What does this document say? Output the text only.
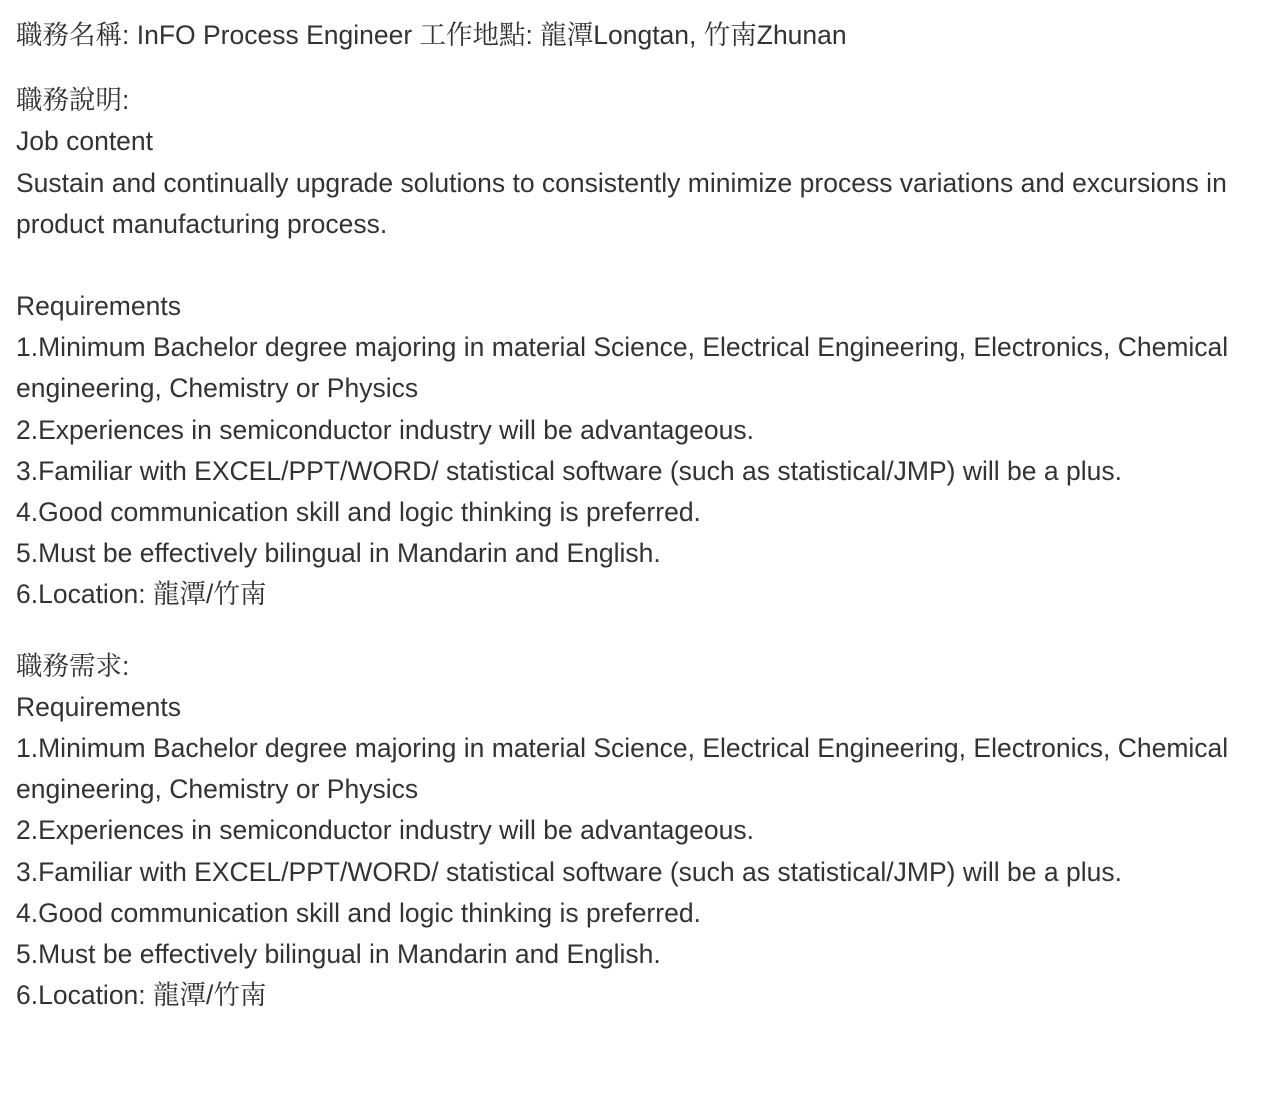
職務名稱: InFO Process Engineer 工作地點: 龍潭Longtan, 竹南Zhunan

職務說明:

Job content

Sustain and continually upgrade solutions to consistently minimize process variations and excursions in product manufacturing process.

Requirements

1.Minimum Bachelor degree majoring in material Science, Electrical Engineering, Electronics, Chemical engineering, Chemistry or Physics

2.Experiences in semiconductor industry will be advantageous.

3.Familiar with EXCEL/PPT/WORD/ statistical software (such as statistical/JMP) will be a plus.

4.Good communication skill and logic thinking is preferred.

5.Must be effectively bilingual in Mandarin and English.

6.Location: 龍潭/竹南

職務需求:

Requirements

1.Minimum Bachelor degree majoring in material Science, Electrical Engineering, Electronics, Chemical engineering, Chemistry or Physics

2.Experiences in semiconductor industry will be advantageous.

3.Familiar with EXCEL/PPT/WORD/ statistical software (such as statistical/JMP) will be a plus.

4.Good communication skill and logic thinking is preferred.

5.Must be effectively bilingual in Mandarin and English.

6.Location: 龍潭/竹南
